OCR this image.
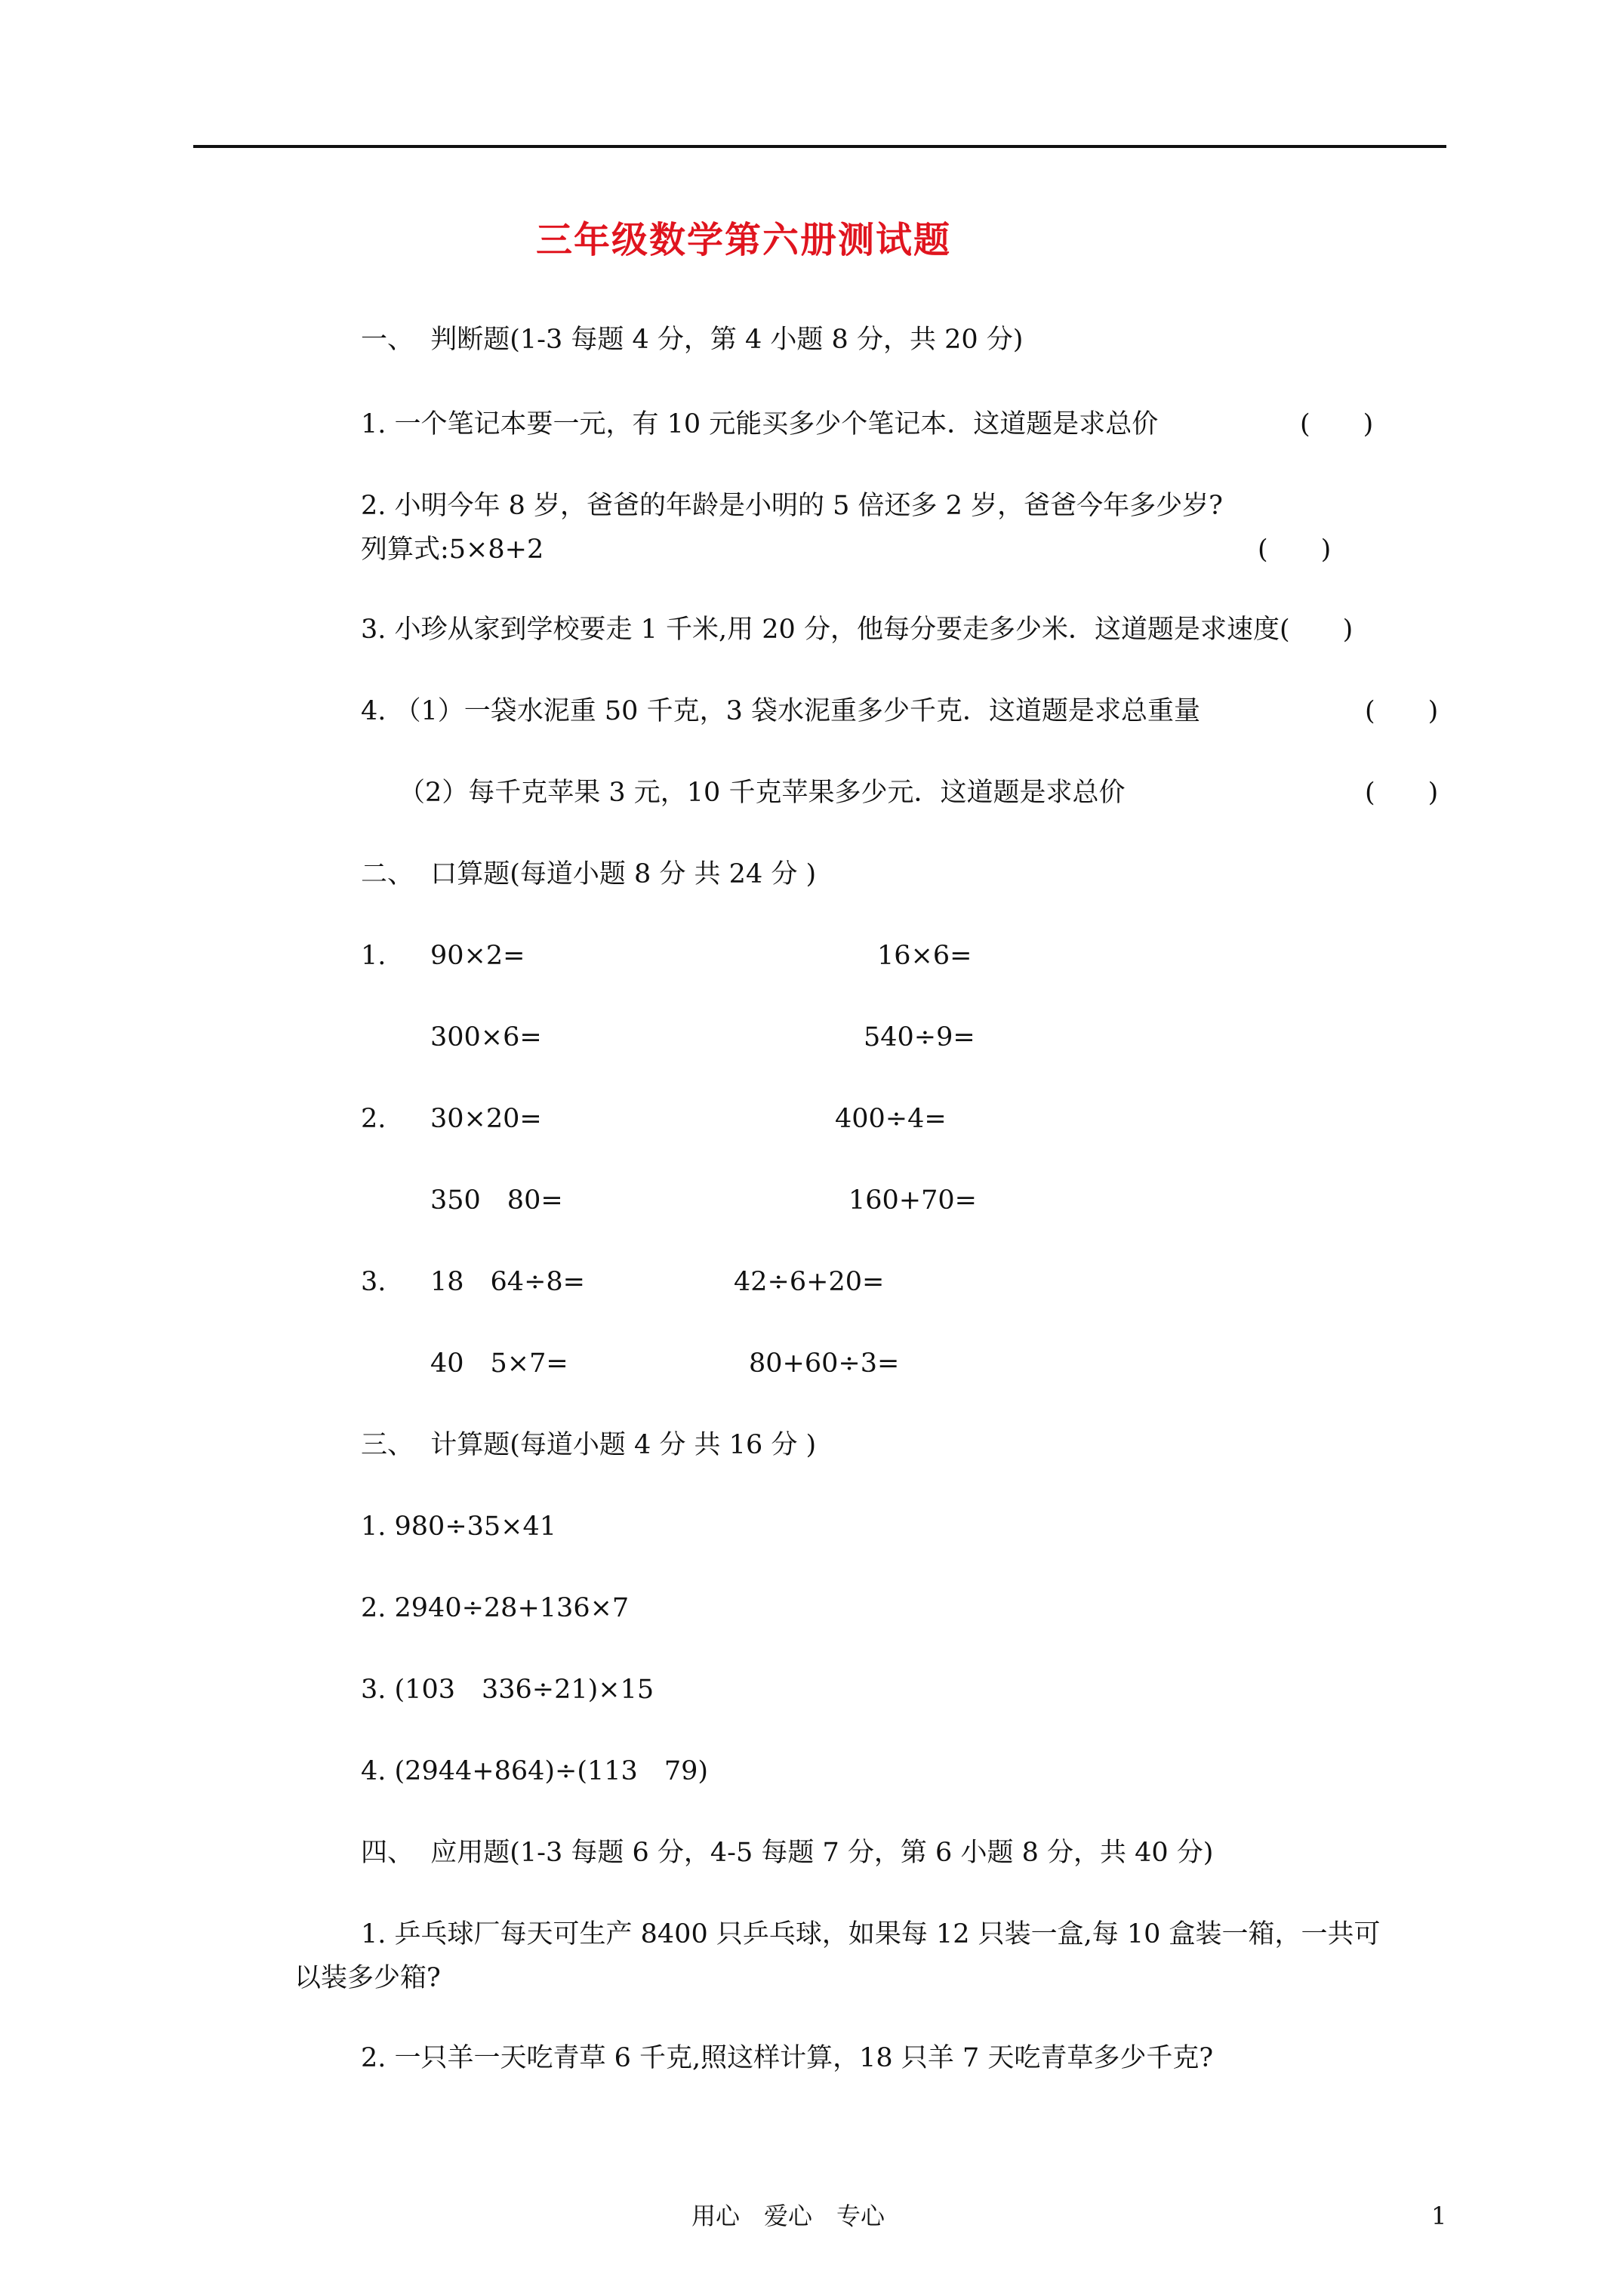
三年级数学第六册测试题
一、  判断题(1-3 每题 4 分，第 4 小题 8 分，共 20 分)
1. 一个笔记本要一元，有 10 元能买多少个笔记本．这道题是求总价	(　　)
2. 小明今年 8 岁，爸爸的年龄是小明的 5 倍还多 2 岁，爸爸今年多少岁?
列算式:5×8+2	(　　)
3. 小珍从家到学校要走 1 千米,用 20 分，他每分要走多少米．这道题是求速度(　　)
4. （1）一袋水泥重 50 千克，3 袋水泥重多少千克．这道题是求总重量	(　　)
（2）每千克苹果 3 元，10 千克苹果多少元．这道题是求总价	(　　)
二、  口算题(每道小题 8 分 共 24 分 )
1. 90×2=	16×6=
300×6=	540÷9=
2. 30×20=	400÷4=
350　80=	160+70=
3. 18　64÷8=	42÷6+20=
40　5×7=	80+60÷3=
三、  计算题(每道小题 4 分 共 16 分 )
1. 980÷35×41
2. 2940÷28+136×7
3. (103　336÷21)×15
4. (2944+864)÷(113　79)
四、  应用题(1-3 每题 6 分，4-5 每题 7 分，第 6 小题 8 分，共 40 分)
1. 乒乓球厂每天可生产 8400 只乒乓球，如果每 12 只装一盒,每 10 盒装一箱，一共可
以装多少箱?
2. 一只羊一天吃青草 6 千克,照这样计算，18 只羊 7 天吃青草多少千克?
用心　爱心　专心	1
